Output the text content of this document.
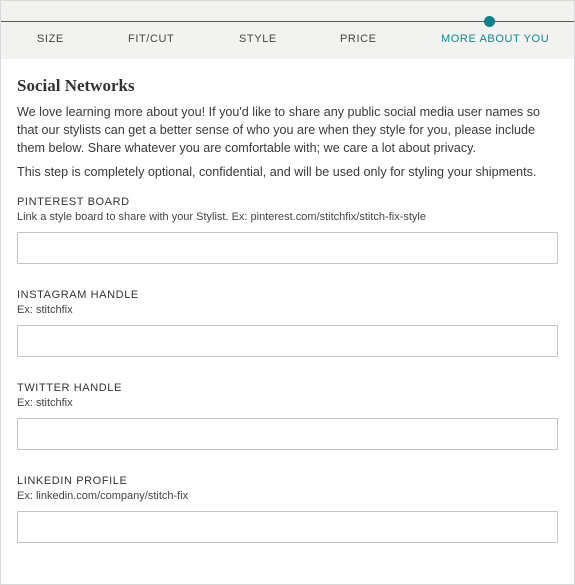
SIZE	FIT/CUT	STYLE	PRICE	MORE ABOUT YOU
Social Networks

We love learning more about you! If you'd like to share any public social media user names so that our stylists can get a better sense of who you are when they style for you, please include them below. Share whatever you are comfortable with; we care a lot about privacy.

This step is completely optional, confidential, and will be used only for styling your shipments.

PINTEREST BOARD

Link a style board to share with your Stylist. Ex: pinterest.com/stitchfix/stitch-fix-style

INSTAGRAM HANDLE

Ex: stitchfix

TWITTER HANDLE

Ex: stitchfix

LINKEDIN PROFILE

Ex: linkedin.com/company/stitch-fix
